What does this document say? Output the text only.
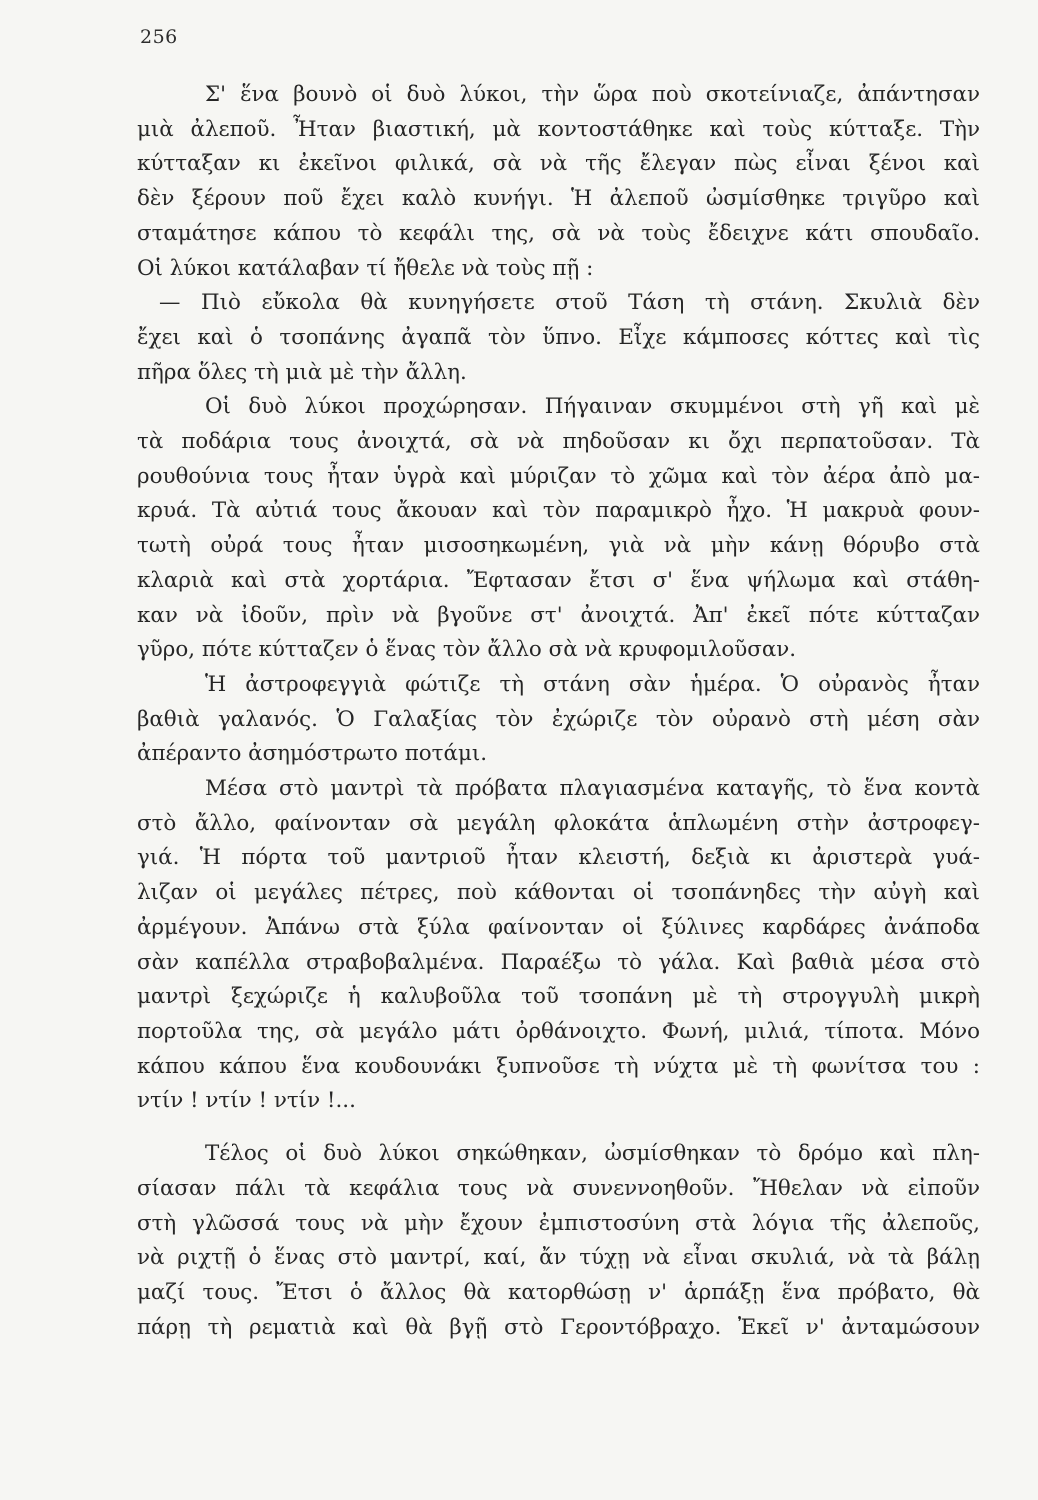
256

Σ' ἕνα βουνὸ οἱ δυὸ λύκοι, τὴν ὥρα ποὺ σκοτείνιαζε, ἀπάντησαν
μιὰ ἀλεποῦ. Ἦταν βιαστική, μὰ κοντοστάθηκε καὶ τοὺς κύτταξε. Τὴν
κύτταξαν κι ἐκεῖνοι φιλικά, σὰ νὰ τῆς ἔλεγαν πὼς εἶναι ξένοι καὶ
δὲν ξέρουν ποῦ ἔχει καλὸ κυνήγι. Ἡ ἀλεποῦ ὠσμίσθηκε τριγῦρο καὶ
σταμάτησε κάπου τὸ κεφάλι της, σὰ νὰ τοὺς ἔδειχνε κάτι σπουδαῖο.
Οἱ λύκοι κατάλαβαν τί ἤθελε νὰ τοὺς πῇ :

— Πιὸ εὔκολα θὰ κυνηγήσετε στοῦ Τάση τὴ στάνη. Σκυλιὰ δὲν
ἔχει καὶ ὁ τσοπάνης ἀγαπᾶ τὸν ὕπνο. Εἶχε κάμποσες κόττες καὶ τὶς
πῆρα ὅλες τὴ μιὰ μὲ τὴν ἄλλη.

Οἱ δυὸ λύκοι προχώρησαν. Πήγαιναν σκυμμένοι στὴ γῆ καὶ μὲ
τὰ ποδάρια τους ἀνοιχτά, σὰ νὰ πηδοῦσαν κι ὄχι περπατοῦσαν. Τὰ
ρουθούνια τους ἦταν ὑγρὰ καὶ μύριζαν τὸ χῶμα καὶ τὸν ἀέρα ἀπὸ μα-
κρυά. Τὰ αὐτιά τους ἄκουαν καὶ τὸν παραμικρὸ ἦχο. Ἡ μακρυὰ φουν-
τωτὴ οὐρά τους ἦταν μισοσηκωμένη, γιὰ νὰ μὴν κάνῃ θόρυβο στὰ
κλαριὰ καὶ στὰ χορτάρια. Ἔφτασαν ἔτσι σ' ἕνα ψήλωμα καὶ στάθη-
καν νὰ ἰδοῦν, πρὶν νὰ βγοῦνε στ' ἀνοιχτά. Ἀπ' ἐκεῖ πότε κύτταζαν
γῦρο, πότε κύτταζεν ὁ ἕνας τὸν ἄλλο σὰ νὰ κρυφομιλοῦσαν.

Ἡ ἀστροφεγγιὰ φώτιζε τὴ στάνη σὰν ἡμέρα. Ὁ οὐρανὸς ἦταν
βαθιὰ γαλανός. Ὁ Γαλαξίας τὸν ἐχώριζε τὸν οὐρανὸ στὴ μέση σὰν
ἀπέραντο ἀσημόστρωτο ποτάμι.

Μέσα στὸ μαντρὶ τὰ πρόβατα πλαγιασμένα καταγῆς, τὸ ἕνα κοντὰ
στὸ ἄλλο, φαίνονταν σὰ μεγάλη φλοκάτα ἁπλωμένη στὴν ἀστροφεγ-
γιά. Ἡ πόρτα τοῦ μαντριοῦ ἦταν κλειστή, δεξιὰ κι ἀριστερὰ γυά-
λιζαν οἱ μεγάλες πέτρες, ποὺ κάθονται οἱ τσοπάνηδες τὴν αὐγὴ καὶ
ἀρμέγουν. Ἀπάνω στὰ ξύλα φαίνονταν οἱ ξύλινες καρδάρες ἀνάποδα
σὰν καπέλλα στραβοβαλμένα. Παραέξω τὸ γάλα. Καὶ βαθιὰ μέσα στὸ
μαντρὶ ξεχώριζε ἡ καλυβοῦλα τοῦ τσοπάνη μὲ τὴ στρογγυλὴ μικρὴ
πορτοῦλα της, σὰ μεγάλο μάτι ὀρθάνοιχτο. Φωνή, μιλιά, τίποτα. Μόνο
κάπου κάπου ἕνα κουδουνάκι ξυπνοῦσε τὴ νύχτα μὲ τὴ φωνίτσα του :
ντίν ! ντίν ! ντίν !...

Τέλος οἱ δυὸ λύκοι σηκώθηκαν, ὠσμίσθηκαν τὸ δρόμο καὶ πλη-
σίασαν πάλι τὰ κεφάλια τους νὰ συνεννοηθοῦν. Ἤθελαν νὰ εἰποῦν
στὴ γλῶσσά τους νὰ μὴν ἔχουν ἐμπιστοσύνη στὰ λόγια τῆς ἀλεποῦς,
νὰ ριχτῇ ὁ ἕνας στὸ μαντρί, καί, ἄν τύχῃ νὰ εἶναι σκυλιά, νὰ τὰ βάλῃ
μαζί τους. Ἔτσι ὁ ἄλλος θὰ κατορθώσῃ ν' ἁρπάξῃ ἕνα πρόβατο, θὰ
πάρῃ τὴ ρεματιὰ καὶ θὰ βγῇ στὸ Γεροντόβραχο. Ἐκεῖ ν' ἀνταμώσουν
